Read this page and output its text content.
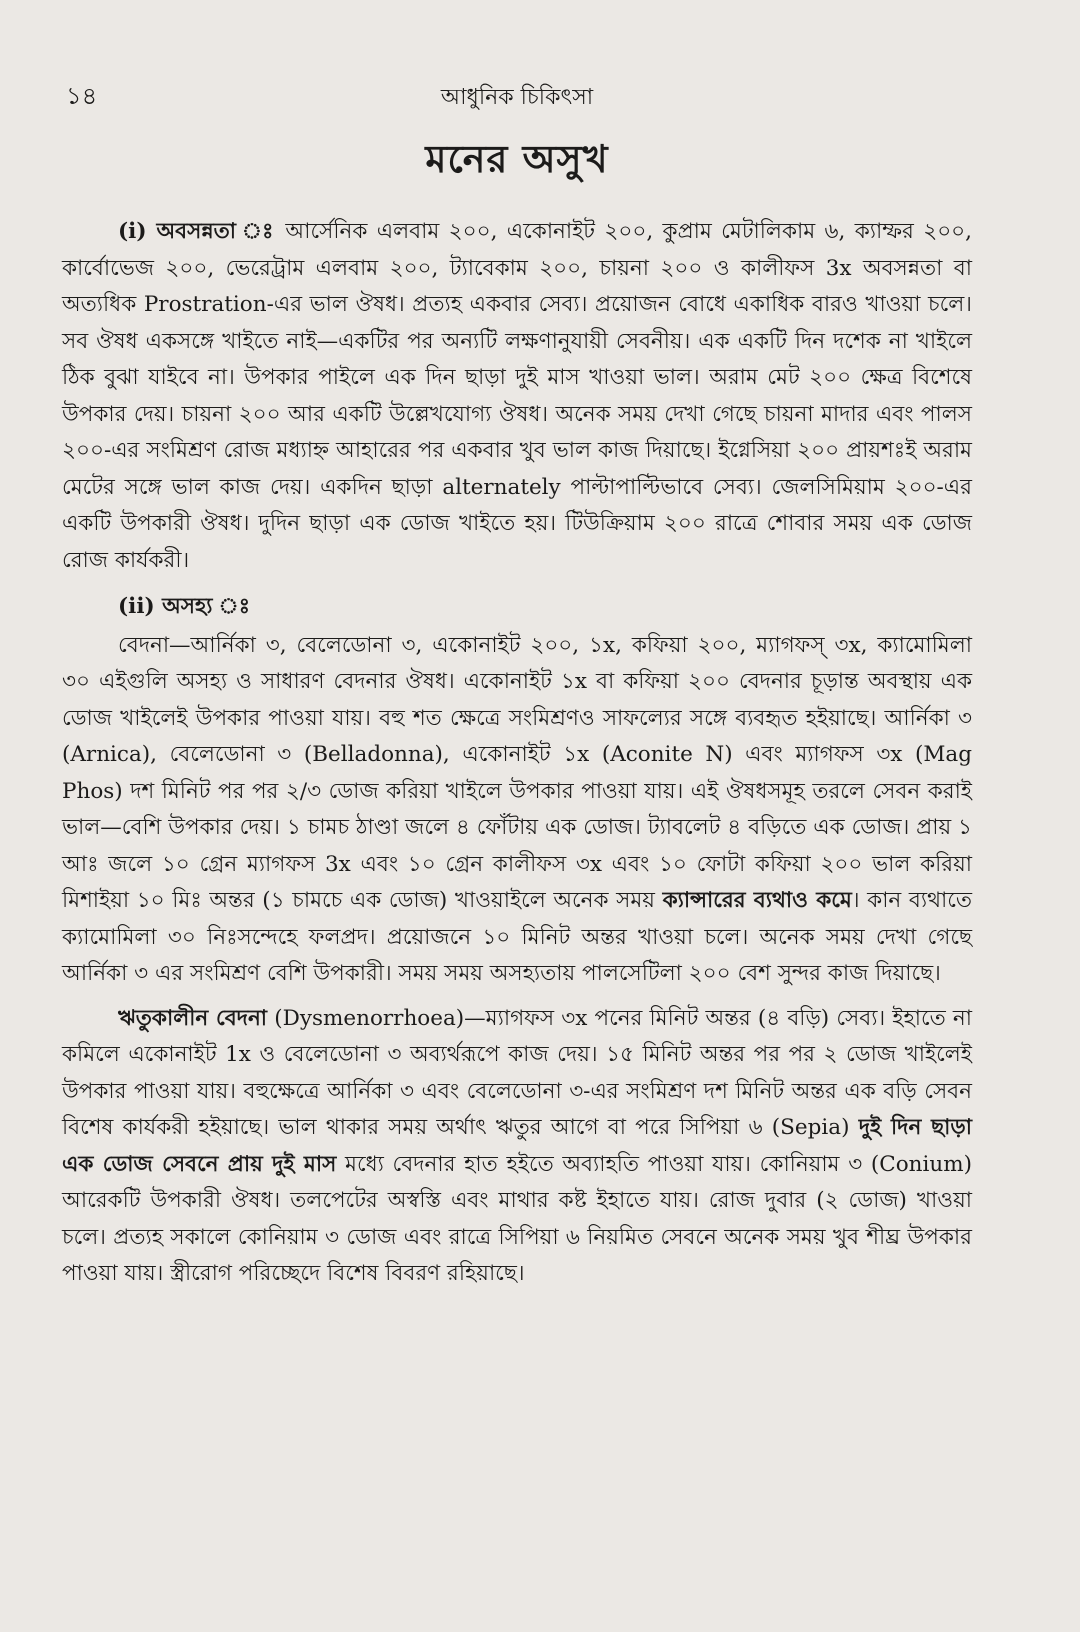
১৪	আধুনিক চিকিৎসা
মনের অসুখ

(i) অবসন্নতা ঃ আর্সেনিক এলবাম ২০০, একোনাইট ২০০, কুপ্রাম মেটালিকাম ৬, ক্যাম্ফর ২০০, কার্বোভেজ ২০০, ভেরেট্রাম এলবাম ২০০, ট্যাবেকাম ২০০, চায়না ২০০ ও কালীফস 3x অবসন্নতা বা অত্যধিক Prostration-এর ভাল ঔষধ। প্রত্যহ একবার সেব্য। প্রয়োজন বোধে একাধিক বারও খাওয়া চলে। সব ঔষধ একসঙ্গে খাইতে নাই—একটির পর অন্যটি লক্ষণানুযায়ী সেবনীয়। এক একটি দিন দশেক না খাইলে ঠিক বুঝা যাইবে না। উপকার পাইলে এক দিন ছাড়া দুই মাস খাওয়া ভাল। অরাম মেট ২০০ ক্ষেত্র বিশেষে উপকার দেয়। চায়না ২০০ আর একটি উল্লেখযোগ্য ঔষধ। অনেক সময় দেখা গেছে চায়না মাদার এবং পালস ২০০-এর সংমিশ্রণ রোজ মধ্যাহ্ন আহারের পর একবার খুব ভাল কাজ দিয়াছে। ইগ্নেসিয়া ২০০ প্রায়শঃই অরাম মেটের সঙ্গে ভাল কাজ দেয়। একদিন ছাড়া alternately পাল্টাপাল্টিভাবে সেব্য। জেলসিমিয়াম ২০০-এর একটি উপকারী ঔষধ। দুদিন ছাড়া এক ডোজ খাইতে হয়। টিউক্রিয়াম ২০০ রাত্রে শোবার সময় এক ডোজ রোজ কার্যকরী।

(ii) অসহ্য ঃ

বেদনা—আর্নিকা ৩, বেলেডোনা ৩, একোনাইট ২০০, ১x, কফিয়া ২০০, ম্যাগফস্ ৩x, ক্যামোমিলা ৩০ এইগুলি অসহ্য ও সাধারণ বেদনার ঔষধ। একোনাইট ১x বা কফিয়া ২০০ বেদনার চূড়ান্ত অবস্থায় এক ডোজ খাইলেই উপকার পাওয়া যায়। বহু শত ক্ষেত্রে সংমিশ্রণও সাফল্যের সঙ্গে ব্যবহৃত হইয়াছে। আর্নিকা ৩ (Arnica), বেলেডোনা ৩ (Belladonna), একোনাইট ১x (Aconite N) এবং ম্যাগফস ৩x (Mag Phos) দশ মিনিট পর পর ২/৩ ডোজ করিয়া খাইলে উপকার পাওয়া যায়। এই ঔষধসমূহ তরলে সেবন করাই ভাল—বেশি উপকার দেয়। ১ চামচ ঠাণ্ডা জলে ৪ ফোঁটায় এক ডোজ। ট্যাবলেট ৪ বড়িতে এক ডোজ। প্রায় ১ আঃ জলে ১০ গ্রেন ম্যাগফস 3x এবং ১০ গ্রেন কালীফস ৩x এবং ১০ ফোটা কফিয়া ২০০ ভাল করিয়া মিশাইয়া ১০ মিঃ অন্তর (১ চামচে এক ডোজ) খাওয়াইলে অনেক সময় ক্যান্সারের ব্যথাও কমে। কান ব্যথাতে ক্যামোমিলা ৩০ নিঃসন্দেহে ফলপ্রদ। প্রয়োজনে ১০ মিনিট অন্তর খাওয়া চলে। অনেক সময় দেখা গেছে আর্নিকা ৩ এর সংমিশ্রণ বেশি উপকারী। সময় সময় অসহ্যতায় পালসেটিলা ২০০ বেশ সুন্দর কাজ দিয়াছে।

ঋতুকালীন বেদনা (Dysmenorrhoea)—ম্যাগফস ৩x পনের মিনিট অন্তর (৪ বড়ি) সেব্য। ইহাতে না কমিলে একোনাইট 1x ও বেলেডোনা ৩ অব্যর্থরূপে কাজ দেয়। ১৫ মিনিট অন্তর পর পর ২ ডোজ খাইলেই উপকার পাওয়া যায়। বহুক্ষেত্রে আর্নিকা ৩ এবং বেলেডোনা ৩-এর সংমিশ্রণ দশ মিনিট অন্তর এক বড়ি সেবন বিশেষ কার্যকরী হইয়াছে। ভাল থাকার সময় অর্থাৎ ঋতুর আগে বা পরে সিপিয়া ৬ (Sepia) দুই দিন ছাড়া এক ডোজ সেবনে প্রায় দুই মাস মধ্যে বেদনার হাত হইতে অব্যাহতি পাওয়া যায়। কোনিয়াম ৩ (Conium) আরেকটি উপকারী ঔষধ। তলপেটের অস্বস্তি এবং মাথার কষ্ট ইহাতে যায়। রোজ দুবার (২ ডোজ) খাওয়া চলে। প্রত্যহ সকালে কোনিয়াম ৩ ডোজ এবং রাত্রে সিপিয়া ৬ নিয়মিত সেবনে অনেক সময় খুব শীঘ্র উপকার পাওয়া যায়। স্ত্রীরোগ পরিচ্ছেদে বিশেষ বিবরণ রহিয়াছে।
